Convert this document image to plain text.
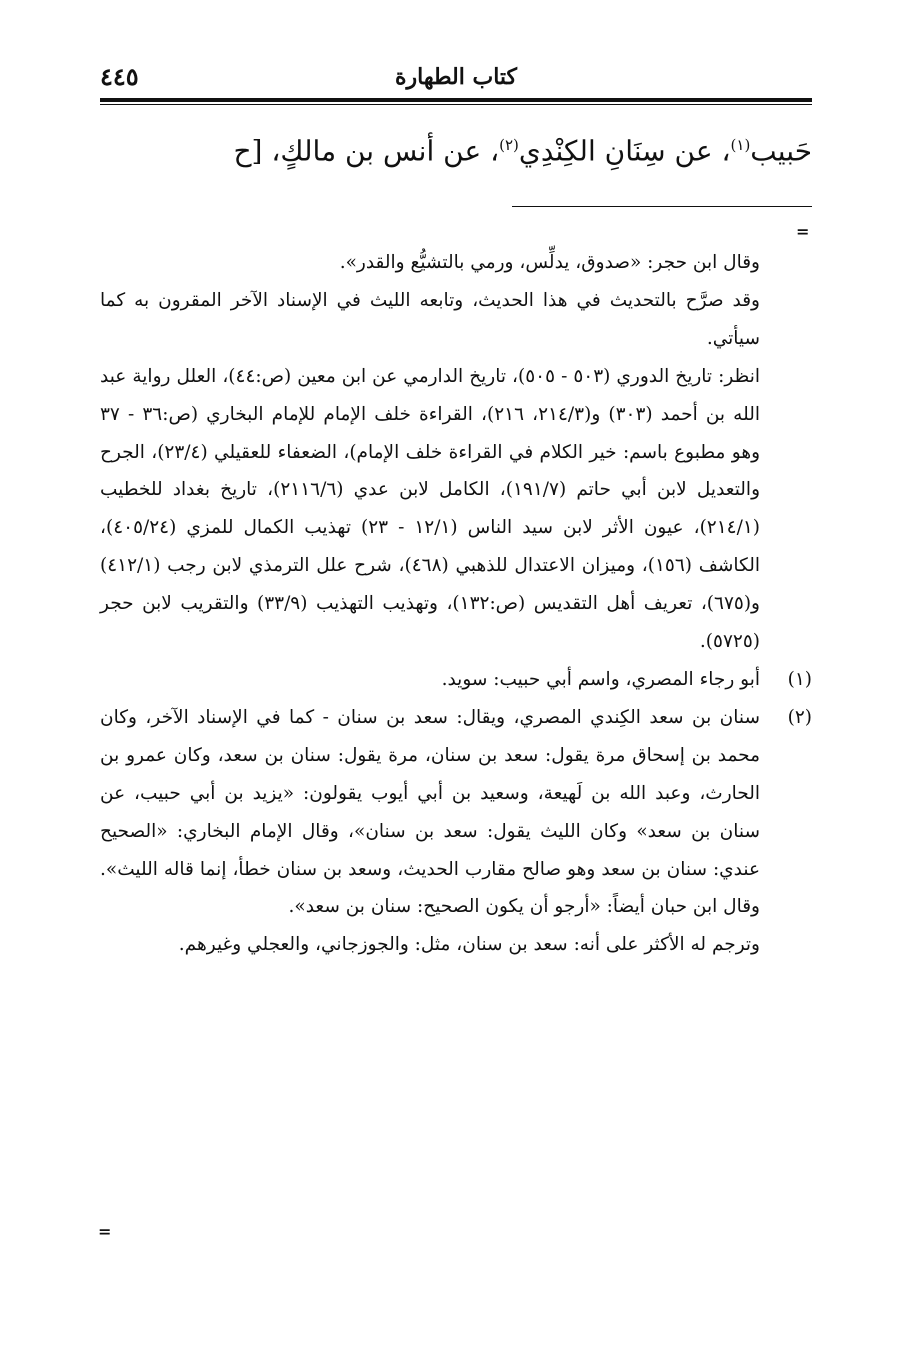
٤٤٥	كتاب الطهارة
حَبيب$^{(١)}$، عن سِنَانِ الكِنْدِي$^{(٢)}$، عن أنس بن مالكٍ، [ح
=

وقال ابن حجر: «صدوق، يدلِّس، ورمي بالتشيُّع والقدر».

وقد صرَّح بالتحديث في هذا الحديث، وتابعه الليث في الإسناد الآخر المقرون به كما سيأتي.

انظر: تاريخ الدوري (٥٠٣ - ٥٠٥)، تاريخ الدارمي عن ابن معين (ص:٤٤)، العلل رواية عبد الله بن أحمد (٣٠٣) و(٢١٤/٣، ٢١٦)، القراءة خلف الإمام للإمام البخاري (ص:٣٦ - ٣٧ وهو مطبوع باسم: خير الكلام في القراءة خلف الإمام)، الضعفاء للعقيلي (٢٣/٤)، الجرح والتعديل لابن أبي حاتم (١٩١/٧)، الكامل لابن عدي (٢١١٦/٦)، تاريخ بغداد للخطيب (٢١٤/١)، عيون الأثر لابن سيد الناس (١٢/١ - ٢٣) تهذيب الكمال للمزي (٤٠٥/٢٤)، الكاشف (١٥٦)، وميزان الاعتدال للذهبي (٤٦٨)، شرح علل الترمذي لابن رجب (٤١٢/١) و(٦٧٥)، تعريف أهل التقديس (ص:١٣٢)، وتهذيب التهذيب (٣٣/٩) والتقريب لابن حجر (٥٧٢٥).

(١)
أبو رجاء المصري، واسم أبي حبيب: سويد.
(٢)
سنان بن سعد الكِندي المصري، ويقال: سعد بن سنان - كما في الإسناد الآخر، وكان محمد بن إسحاق مرة يقول: سعد بن سنان، مرة يقول: سنان بن سعد، وكان عمرو بن الحارث، وعبد الله بن لَهيعة، وسعيد بن أبي أيوب يقولون: «يزيد بن أبي حبيب، عن سنان بن سعد» وكان الليث يقول: سعد بن سنان»، وقال الإمام البخاري: «الصحيح عندي: سنان بن سعد وهو صالح مقارب الحديث، وسعد بن سنان خطأ، إنما قاله الليث». وقال ابن حبان أيضاً: «أرجو أن يكون الصحيح: سنان بن سعد».

وترجم له الأكثر على أنه: سعد بن سنان، مثل: والجوزجاني، والعجلي وغيرهم.

=
